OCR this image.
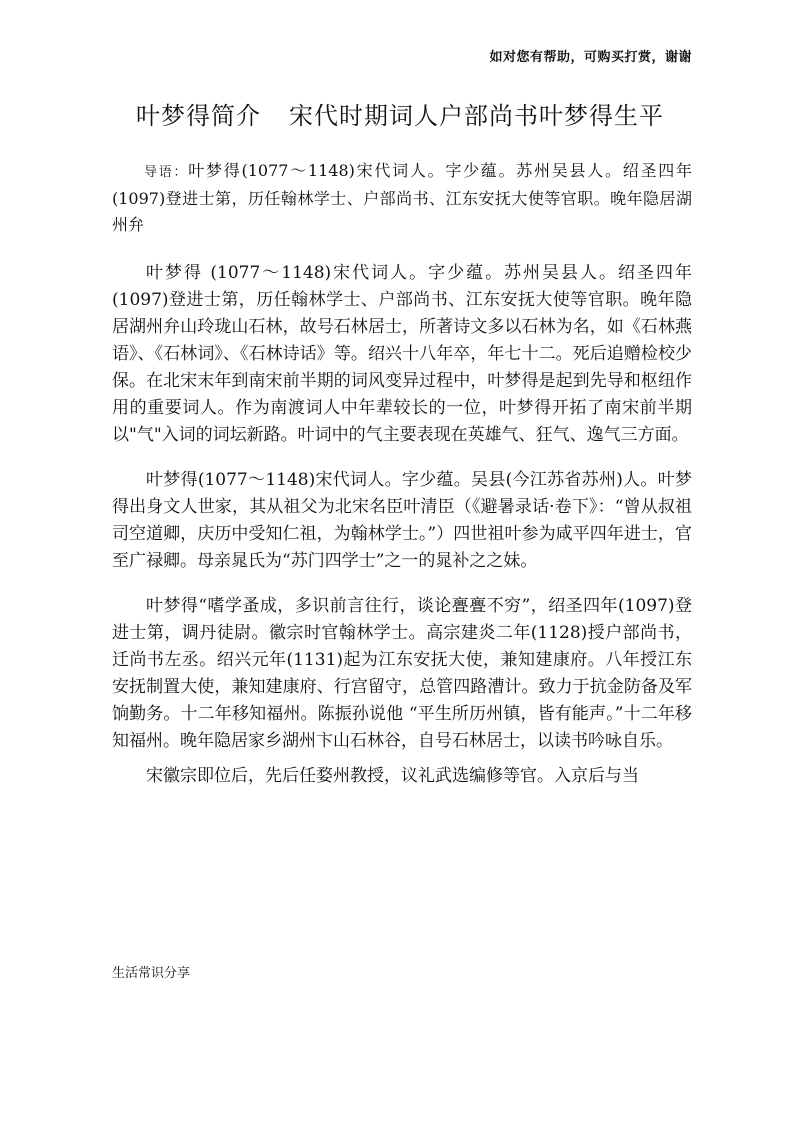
如对您有帮助，可购买打赏，谢谢
叶梦得简介 宋代时期词人户部尚书叶梦得生平

导语：叶梦得(1077～1148)宋代词人。字少蕴。苏州吴县人。绍圣四年(1097)登进士第，历任翰林学士、户部尚书、江东安抚大使等官职。晚年隐居湖州弁

叶梦得 (1077～1148)宋代词人。字少蕴。苏州吴县人。绍圣四年(1097)登进士第，历任翰林学士、户部尚书、江东安抚大使等官职。晚年隐居湖州弁山玲珑山石林，故号石林居士，所著诗文多以石林为名，如《石林燕语》、《石林词》、《石林诗话》等。绍兴十八年卒，年七十二。死后追赠检校少保。在北宋末年到南宋前半期的词风变异过程中，叶梦得是起到先导和枢纽作用的重要词人。作为南渡词人中年辈较长的一位，叶梦得开拓了南宋前半期以"气"入词的词坛新路。叶词中的气主要表现在英雄气、狂气、逸气三方面。

叶梦得(1077～1148)宋代词人。字少蕴。吴县(今江苏省苏州)人。叶梦得出身文人世家，其从祖父为北宋名臣叶清臣（《避暑录话·卷下》：“曾从叔祖司空道卿，庆历中受知仁祖，为翰林学士。”）四世祖叶参为咸平四年进士，官至广禄卿。母亲晁氏为“苏门四学士”之一的晁补之之妹。

叶梦得“嗜学蚤成，多识前言往行，谈论亹亹不穷”，绍圣四年(1097)登进士第，调丹徒尉。徽宗时官翰林学士。高宗建炎二年(1128)授户部尚书，迁尚书左丞。绍兴元年(1131)起为江东安抚大使，兼知建康府。八年授江东安抚制置大使，兼知建康府、行宫留守，总管四路漕计。致力于抗金防备及军饷勤务。十二年移知福州。陈振孙说他 “平生所历州镇，皆有能声。”十二年移知福州。晚年隐居家乡湖州卞山石林谷，自号石林居士，以读书吟咏自乐。

宋徽宗即位后，先后任婺州教授，议礼武选编修等官。入京后与当

生活常识分享
